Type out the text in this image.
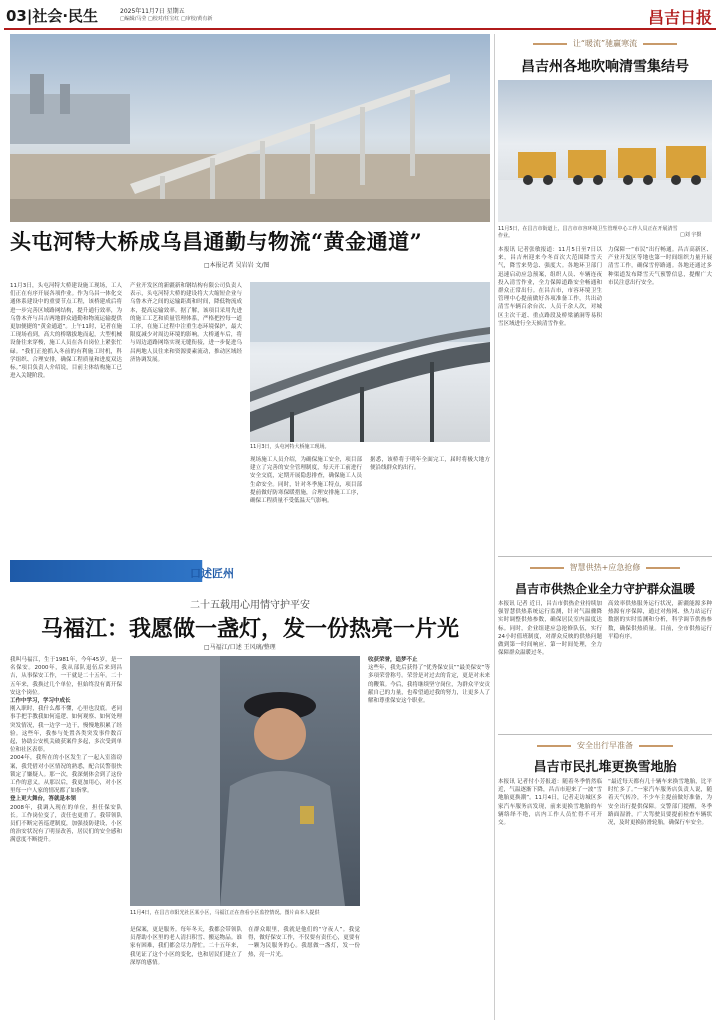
03|社会·民生	2025年11月7日 星期五
□编辑/马莹 □校对/任宝红 □审校/黄有新	昌吉日报
头屯河特大桥成乌昌通勤与物流“黄金通道”
□本报记者 吴岩岩 文/图
11月3日，头屯河特大桥建设施工现场，工人们正在有序开展各项作业。作为乌昌一体化交通体系建设中的重要节点工程，该桥建成后将进一步完善区域路网结构，提升通行效率，为乌鲁木齐与昌吉两地群众通勤和物流运输提供更加便捷的“黄金通道”。上午11时，记者在施工现场看到，高大的桥墩拔地而起，大型机械设备往来穿梭，施工人员在各自岗位上紧张忙碌。“我们正抢抓入冬前的有利施工时机，科学组织、合理安排，确保工程质量和进度双达标。”项目负责人介绍说，目前主体结构施工已进入关键阶段。
产业开发区的新疆新和钢结构有限公司负责人表示，头屯河特大桥的建设将大大缩短企业与乌鲁木齐之间的运输距离和时间，降低物流成本，提高运输效率。据了解，该项目采用先进的施工工艺和质量管理体系，严格把控每一道工序，在施工过程中注重生态环境保护，最大限度减少对周边环境的影响。大桥通车后，将与周边道路网络实现无缝衔接，进一步促进乌昌两地人员往来和资源要素流动，推动区域经济协调发展。
11月3日，头屯河特大桥施工现场。
现场施工人员介绍，为确保施工安全，项目部建立了完善的安全管理制度，每天开工前进行安全交底，定期开展隐患排查，确保施工人员生命安全。同时，针对冬季施工特点，项目部提前做好防寒保暖措施，合理安排施工工序，确保工程质量不受低温天气影响。
据悉，该桥将于明年全面完工，届时将极大地方便沿线群众的出行。
让“暖流”驰赢寒流
昌吉州各地吹响清雪集结号
11月5日，在昌吉市街道上，昌吉市市容环境卫生管理中心工作人员正在开展清雪作业。	□刘 宇摄
本报讯 记者张敏报道：11月5日至7日以来，昌吉州迎来今冬首次大范围降雪天气，降雪来势急、强度大。各地环卫部门迅速启动应急预案，组织人员、车辆连夜投入清雪作业，全力保障道路安全畅通和群众正常出行。在昌吉市，市容环境卫生管理中心提前做好各项准备工作，共出动清雪车辆百余台次、人员千余人次，对城区主次干道、重点路段及桥梁涵洞等易积雪区域进行全天候清雪作业。
力保障一“市民”出行畅通。昌吉高新区、产业开发区等地也第一时间组织力量开展清雪工作，确保雪停路通。各地还通过多种渠道发布降雪天气预警信息，提醒广大市民注意出行安全。
智慧供热+应急抢修
昌吉市供热企业全力守护群众温暖
本报讯 记者 近日，昌吉市供热企业持续加强智慧供热系统运行监测，针对气温骤降实时调整供热参数，确保居民室内温度达标。同时，企业组建应急抢修队伍，实行24小时值班制度，对群众反映的供热问题做到第一时间响应、第一时间处理，全力保障群众温暖过冬。
高效率供热服务运行状况，新疆能源多种热源有序保障，通过对热网、热力站运行数据的实时监测和分析，科学调节供热参数，确保供热质量。目前，全市供热运行平稳有序。
安全出行早准备
昌吉市民扎堆更换雪地胎
本报讯 记者付小芳报道：随着冬季悄然临近，气温逐渐下降，昌吉市迎来了一波“雪地胎更换潮”。11月4日，记者走访城区多家汽车服务店发现，前来更换雪地胎的车辆络绎不绝，店内工作人员忙得不可开交。
“最近每天都有几十辆车来换雪地胎，比平时忙多了。”一家汽车服务店负责人说，随着天气转冷，不少车主提前做好准备，为安全出行提供保障。交警部门提醒，冬季路面湿滑，广大驾驶员要提前检查车辆状况，及时更换防滑轮胎，确保行车安全。
口述匠州
二十五载用心用情守护平安
马福江：我愿做一盏灯，发一份热亮一片光
□马福江/口述 王风璃/整理
我叫马福江，生于1981年，今年45岁，是一名保安。2000年，我从部队退伍后来到昌吉，从事保安工作，一干就是二十五年。二十五年来，我换过几个单位，但始终没有离开保安这个岗位。
工作中学习，学习中成长
刚入职时，我什么都不懂，心里也没底。老同事手把手教我如何巡逻、如何观察、如何处理突发情况，我一边学一边干，慢慢地积累了经验。这些年，我参与处置各类突发事件数百起，协助公安机关破获案件多起，多次受到单位和社区表彰。
2004年，我所在的小区发生了一起入室盗窃案，我凭借对小区情况的熟悉，配合民警很快锁定了嫌疑人。那一次，我深刻体会到了这份工作的意义。从那以后，我更加用心，对小区里每一户人家的情况都了如指掌。
登上更大舞台，答就是本领
2008年，我调入现在的单位，担任保安队长。工作岗位变了，责任也更重了。我带领队员们不断完善巡逻制度，加强技防建设，小区的治安状况有了明显改善，居民们的安全感和满意度不断提升。
11月4日，在昌吉市阳光社区某小区，马福江正在查看小区监控情况。图片由本人提供
是保案，更是服务。每年冬天，我都会带领队员帮助小区里的老人清扫积雪、搬运物品。谁家有困难，我们都会尽力帮忙。二十五年来，我见证了这个小区的变化，也和居民们建立了深厚的感情。
在群众眼里，我就是他们的“守夜人”。我觉得，做好保安工作，不仅要有责任心，更要有一颗为民服务的心。我愿做一盏灯，发一份热，亮一片光。
收获荣誉，追梦不止
这些年，我先后获得了“优秀保安员”“最美保安”等多项荣誉称号。荣誉是对过去的肯定，更是对未来的鞭策。今后，我将继续坚守岗位，为群众平安贡献自己的力量，也希望通过我的努力，让更多人了解和尊重保安这个职业。
